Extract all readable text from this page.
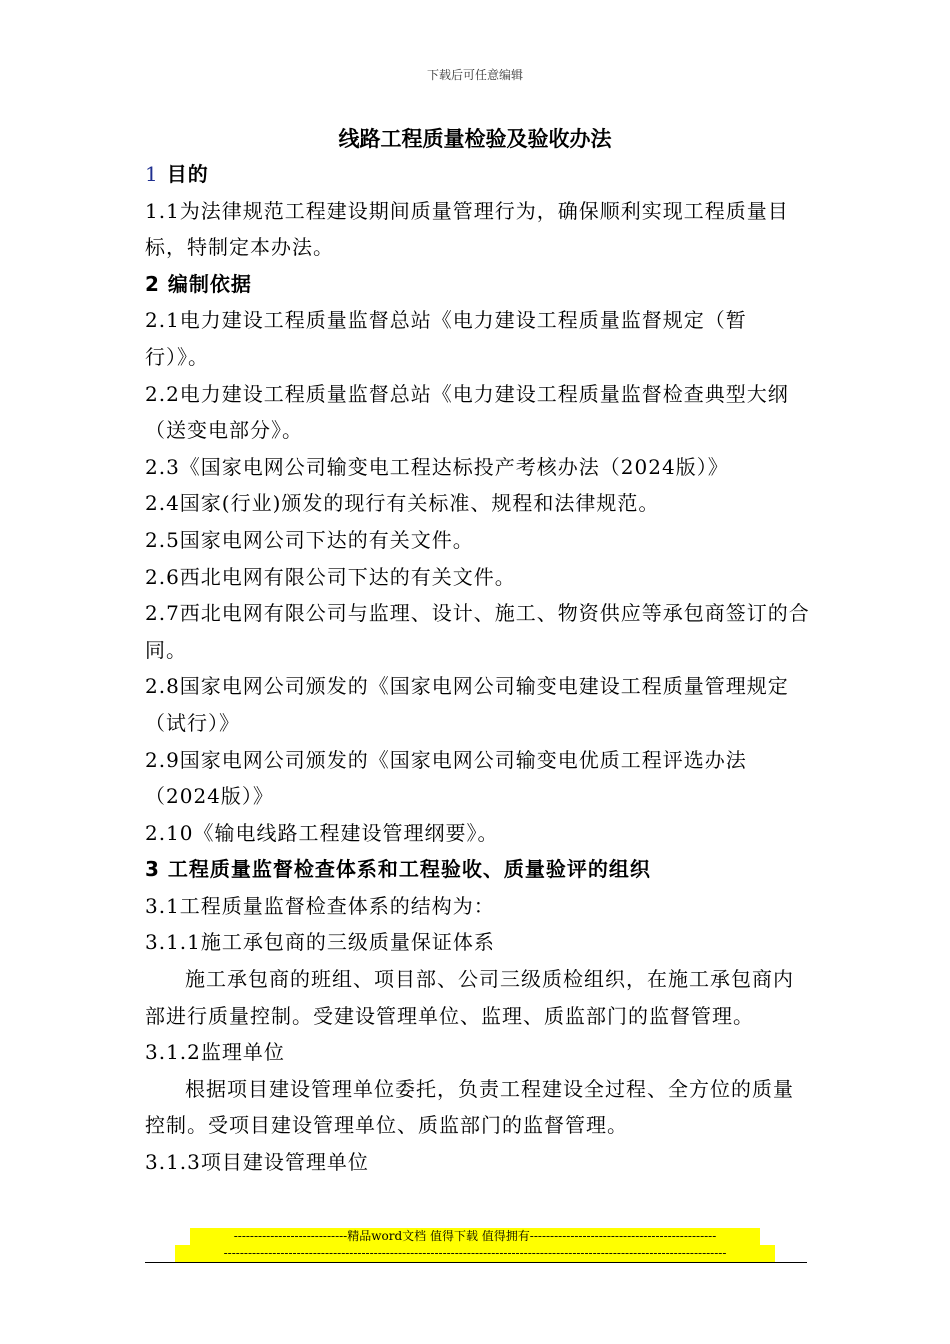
下载后可任意编辑
线路工程质量检验及验收办法

1 目的

1.1为法律规范工程建设期间质量管理行为，确保顺利实现工程质量目标，特制定本办法。

2 编制依据

2.1电力建设工程质量监督总站《电力建设工程质量监督规定（暂行）》。

2.2电力建设工程质量监督总站《电力建设工程质量监督检查典型大纲（送变电部分》。

2.3《国家电网公司输变电工程达标投产考核办法（2024版）》

2.4国家(行业)颁发的现行有关标准、规程和法律规范。

2.5国家电网公司下达的有关文件。

2.6西北电网有限公司下达的有关文件。

2.7西北电网有限公司与监理、设计、施工、物资供应等承包商签订的合同。

2.8国家电网公司颁发的《国家电网公司输变电建设工程质量管理规定（试行）》

2.9国家电网公司颁发的《国家电网公司输变电优质工程评选办法（2024版）》

2.10《输电线路工程建设管理纲要》。

3 工程质量监督检查体系和工程验收、质量验评的组织

3.1工程质量监督检查体系的结构为：

3.1.1施工承包商的三级质量保证体系

施工承包商的班组、项目部、公司三级质检组织，在施工承包商内部进行质量控制。受建设管理单位、监理、质监部门的监督管理。

3.1.2监理单位

根据项目建设管理单位委托，负责工程建设全过程、全方位的质量控制。受项目建设管理单位、质监部门的监督管理。

3.1.3项目建设管理单位

----------------------------精品word文档 值得下载 值得拥有----------------------------------------------
----------------------------------------------------------------------------------------------------------------------------
